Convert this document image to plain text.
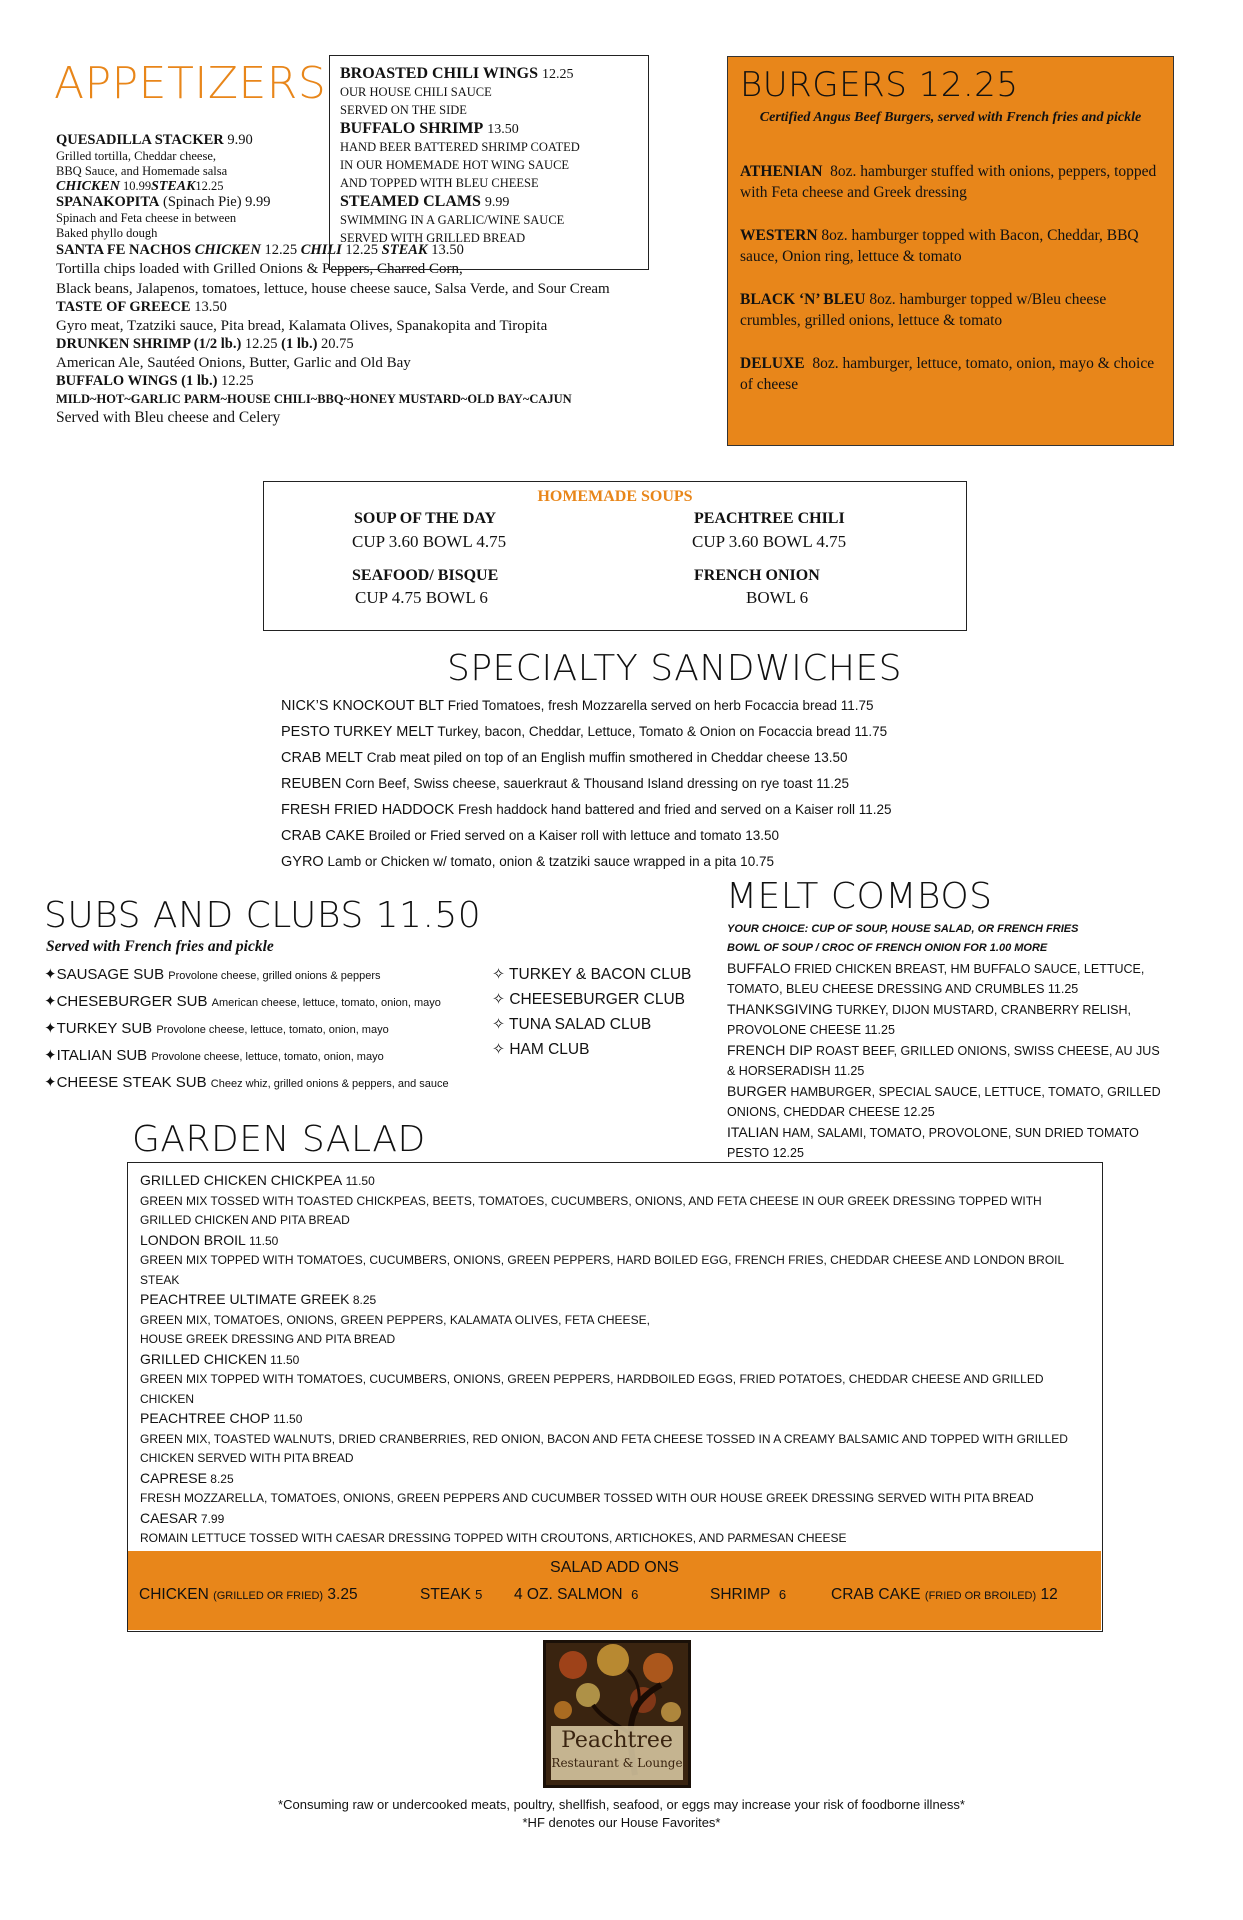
APPETIZERS

QUESADILLA STACKER 9.90

Grilled tortilla, Cheddar cheese,

BBQ Sauce, and Homemade salsa

CHICKEN 10.99STEAK12.25

SPANAKOPITA (Spinach Pie) 9.99

Spinach and Feta cheese in between

Baked phyllo dough

SANTA FE NACHOS CHICKEN 12.25 CHILI 12.25 STEAK 13.50

Tortilla chips loaded with Grilled Onions & Peppers, Charred Corn,

Black beans, Jalapenos, tomatoes, lettuce, house cheese sauce, Salsa Verde, and Sour Cream

TASTE OF GREECE 13.50

Gyro meat, Tzatziki sauce, Pita bread, Kalamata Olives, Spanakopita and Tiropita

DRUNKEN SHRIMP (1/2 lb.) 12.25 (1 lb.) 20.75

American Ale, Sautéed Onions, Butter, Garlic and Old Bay

BUFFALO WINGS (1 lb.) 12.25

MILD~HOT~GARLIC PARM~HOUSE CHILI~BBQ~HONEY MUSTARD~OLD BAY~CAJUN

Served with Bleu cheese and Celery

BROASTED CHILI WINGS 12.25

OUR HOUSE CHILI SAUCE

SERVED ON THE SIDE

BUFFALO SHRIMP 13.50

HAND BEER BATTERED SHRIMP COATED

IN OUR HOMEMADE HOT WING SAUCE

AND TOPPED WITH BLEU CHEESE

STEAMED CLAMS 9.99

SWIMMING IN A GARLIC/WINE SAUCE

SERVED WITH GRILLED BREAD

BURGERS 12.25

Certified Angus Beef Burgers, served with French fries and pickle

ATHENIAN 8oz. hamburger stuffed with onions, peppers, topped with Feta cheese and Greek dressing

WESTERN 8oz. hamburger topped with Bacon, Cheddar, BBQ sauce, Onion ring, lettuce & tomato

BLACK ‘N’ BLEU 8oz. hamburger topped w/Bleu cheese crumbles, grilled onions, lettuce & tomato

DELUXE 8oz. hamburger, lettuce, tomato, onion, mayo & choice of cheese

HOMEMADE SOUPS
SOUP OF THE DAY
CUP 3.60 BOWL 4.75
PEACHTREE CHILI
CUP 3.60 BOWL 4.75
SEAFOOD/ BISQUE
CUP 4.75 BOWL 6
FRENCH ONION
BOWL 6
SPECIALTY SANDWICHES

NICK’S KNOCKOUT BLT Fried Tomatoes, fresh Mozzarella served on herb Focaccia bread 11.75

PESTO TURKEY MELT Turkey, bacon, Cheddar, Lettuce, Tomato & Onion on Focaccia bread 11.75

CRAB MELT Crab meat piled on top of an English muffin smothered in Cheddar cheese 13.50

REUBEN Corn Beef, Swiss cheese, sauerkraut & Thousand Island dressing on rye toast 11.25

FRESH FRIED HADDOCK Fresh haddock hand battered and fried and served on a Kaiser roll 11.25

CRAB CAKE Broiled or Fried served on a Kaiser roll with lettuce and tomato 13.50

GYRO Lamb or Chicken w/ tomato, onion & tzatziki sauce wrapped in a pita 10.75

SUBS AND CLUBS 11.50
Served with French fries and pickle

✦SAUSAGE SUB Provolone cheese, grilled onions & peppers

✦CHESEBURGER SUB American cheese, lettuce, tomato, onion, mayo

✦TURKEY SUB Provolone cheese, lettuce, tomato, onion, mayo

✦ITALIAN SUB Provolone cheese, lettuce, tomato, onion, mayo

✦CHEESE STEAK SUB Cheez whiz, grilled onions & peppers, and sauce

✧ TURKEY & BACON CLUB

✧ CHEESEBURGER CLUB

✧ TUNA SALAD CLUB

✧ HAM CLUB

MELT COMBOS

YOUR CHOICE: CUP OF SOUP, HOUSE SALAD, OR FRENCH FRIES

BOWL OF SOUP / CROC OF FRENCH ONION FOR 1.00 MORE

BUFFALO FRIED CHICKEN BREAST, HM BUFFALO SAUCE, LETTUCE, TOMATO, BLEU CHEESE DRESSING AND CRUMBLES 11.25

THANKSGIVING TURKEY, DIJON MUSTARD, CRANBERRY RELISH, PROVOLONE CHEESE 11.25

FRENCH DIP ROAST BEEF, GRILLED ONIONS, SWISS CHEESE, AU JUS & HORSERADISH 11.25

BURGER HAMBURGER, SPECIAL SAUCE, LETTUCE, TOMATO, GRILLED ONIONS, CHEDDAR CHEESE 12.25

ITALIAN HAM, SALAMI, TOMATO, PROVOLONE, SUN DRIED TOMATO PESTO 12.25

GARDEN SALAD

GRILLED CHICKEN CHICKPEA 11.50

GREEN MIX TOSSED WITH TOASTED CHICKPEAS, BEETS, TOMATOES, CUCUMBERS, ONIONS, AND FETA CHEESE IN OUR GREEK DRESSING TOPPED WITH GRILLED CHICKEN AND PITA BREAD

LONDON BROIL 11.50

GREEN MIX TOPPED WITH TOMATOES, CUCUMBERS, ONIONS, GREEN PEPPERS, HARD BOILED EGG, FRENCH FRIES, CHEDDAR CHEESE AND LONDON BROIL STEAK

PEACHTREE ULTIMATE GREEK 8.25

GREEN MIX, TOMATOES, ONIONS, GREEN PEPPERS, KALAMATA OLIVES, FETA CHEESE,

HOUSE GREEK DRESSING AND PITA BREAD

GRILLED CHICKEN 11.50

GREEN MIX TOPPED WITH TOMATOES, CUCUMBERS, ONIONS, GREEN PEPPERS, HARDBOILED EGGS, FRIED POTATOES, CHEDDAR CHEESE AND GRILLED CHICKEN

PEACHTREE CHOP 11.50

GREEN MIX, TOASTED WALNUTS, DRIED CRANBERRIES, RED ONION, BACON AND FETA CHEESE TOSSED IN A CREAMY BALSAMIC AND TOPPED WITH GRILLED CHICKEN SERVED WITH PITA BREAD

CAPRESE 8.25

FRESH MOZZARELLA, TOMATOES, ONIONS, GREEN PEPPERS AND CUCUMBER TOSSED WITH OUR HOUSE GREEK DRESSING SERVED WITH PITA BREAD

CAESAR 7.99

ROMAIN LETTUCE TOSSED WITH CAESAR DRESSING TOPPED WITH CROUTONS, ARTICHOKES, AND PARMESAN CHEESE

SALAD ADD ONS
CHICKEN (GRILLED OR FRIED) 3.25	STEAK 5 4 OZ. SALMON 6	SHRIMP 6	CRAB CAKE (FRIED OR BROILED) 12
Peachtree
Restaurant & Lounge

*Consuming raw or undercooked meats, poultry, shellfish, seafood, or eggs may increase your risk of foodborne illness*

*HF denotes our House Favorites*
